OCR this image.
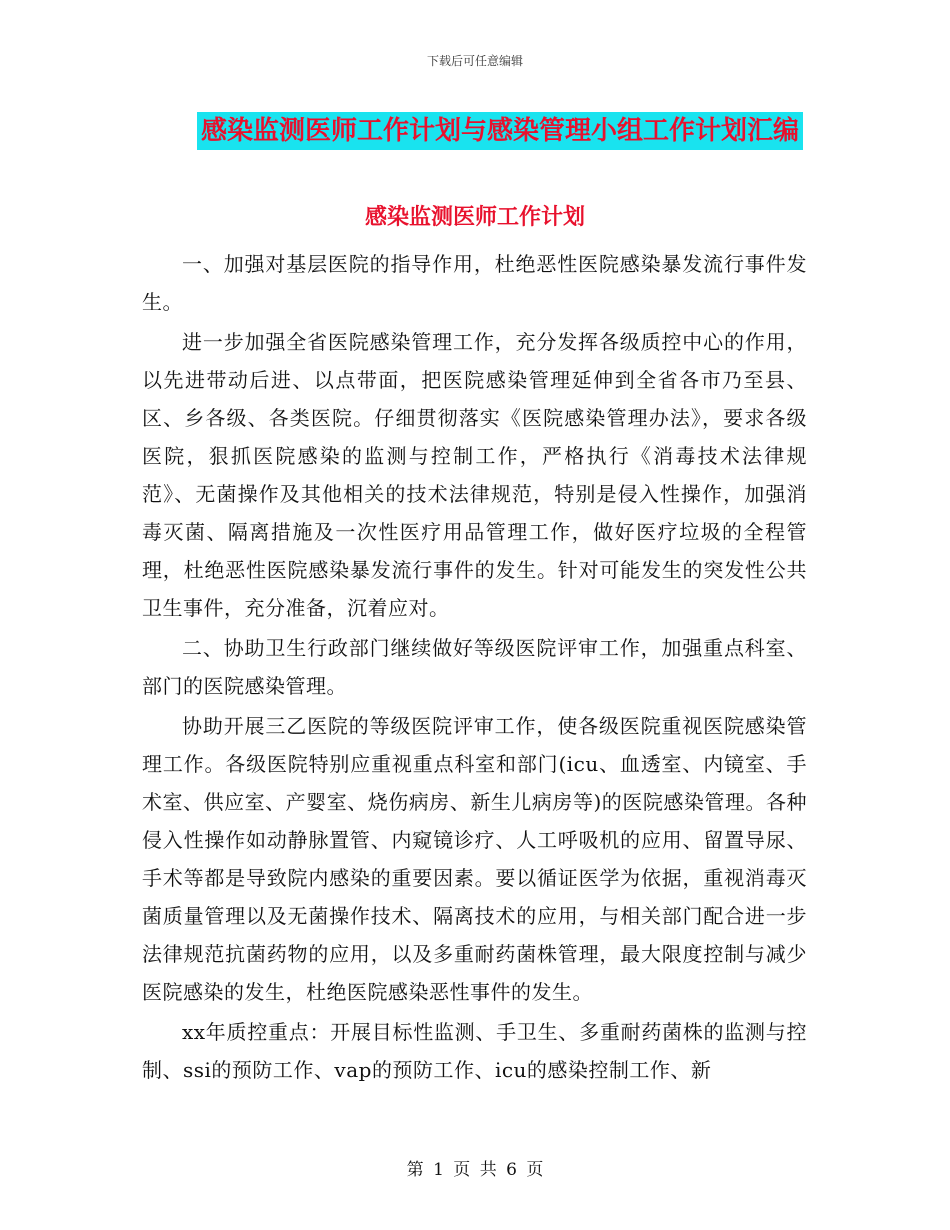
下载后可任意编辑
感染监测医师工作计划与感染管理小组工作计划汇编
感染监测医师工作计划

一、加强对基层医院的指导作用，杜绝恶性医院感染暴发流行事件发生。

进一步加强全省医院感染管理工作，充分发挥各级质控中心的作用，以先进带动后进、以点带面，把医院感染管理延伸到全省各市乃至县、区、乡各级、各类医院。仔细贯彻落实《医院感染管理办法》，要求各级医院，狠抓医院感染的监测与控制工作，严格执行《消毒技术法律规范》、无菌操作及其他相关的技术法律规范，特别是侵入性操作，加强消毒灭菌、隔离措施及一次性医疗用品管理工作，做好医疗垃圾的全程管理，杜绝恶性医院感染暴发流行事件的发生。针对可能发生的突发性公共卫生事件，充分准备，沉着应对。

二、协助卫生行政部门继续做好等级医院评审工作，加强重点科室、部门的医院感染管理。

协助开展三乙医院的等级医院评审工作，使各级医院重视医院感染管理工作。各级医院特别应重视重点科室和部门(icu、血透室、内镜室、手术室、供应室、产婴室、烧伤病房、新生儿病房等)的医院感染管理。各种侵入性操作如动静脉置管、内窥镜诊疗、人工呼吸机的应用、留置导尿、手术等都是导致院内感染的重要因素。要以循证医学为依据，重视消毒灭菌质量管理以及无菌操作技术、隔离技术的应用，与相关部门配合进一步法律规范抗菌药物的应用，以及多重耐药菌株管理，最大限度控制与减少医院感染的发生，杜绝医院感染恶性事件的发生。

xx年质控重点：开展目标性监测、手卫生、多重耐药菌株的监测与控制、ssi的预防工作、vap的预防工作、icu的感染控制工作、新

第 1 页 共 6 页
